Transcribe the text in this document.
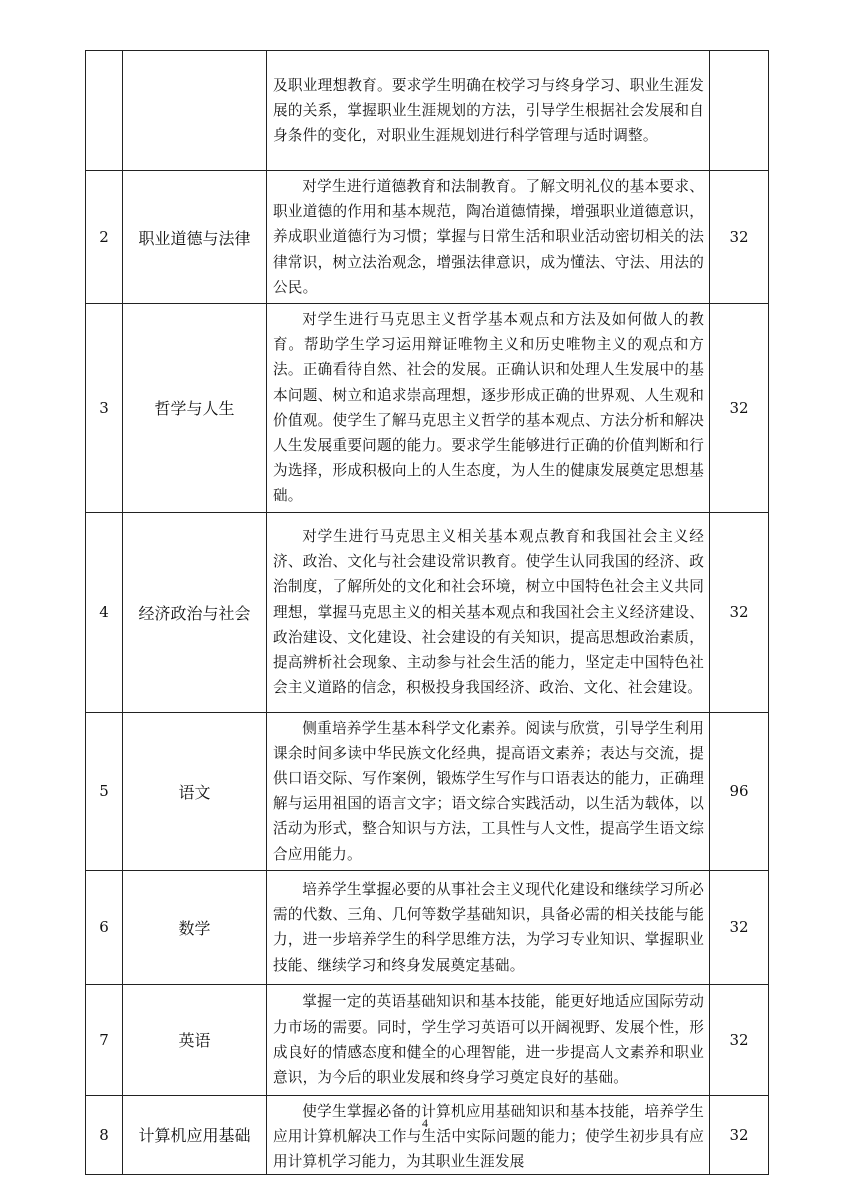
		及职业理想教育。要求学生明确在校学习与终身学习、职业生涯发展的关系，掌握职业生涯规划的方法，引导学生根据社会发展和自身条件的变化，对职业生涯规划进行科学管理与适时调整。	
2	职业道德与法律	对学生进行道德教育和法制教育。了解文明礼仪的基本要求、职业道德的作用和基本规范，陶冶道德情操，增强职业道德意识，养成职业道德行为习惯；掌握与日常生活和职业活动密切相关的法律常识，树立法治观念，增强法律意识，成为懂法、守法、用法的公民。	32
3	哲学与人生	对学生进行马克思主义哲学基本观点和方法及如何做人的教育。帮助学生学习运用辩证唯物主义和历史唯物主义的观点和方法。正确看待自然、社会的发展。正确认识和处理人生发展中的基本问题、树立和追求崇高理想，逐步形成正确的世界观、人生观和价值观。使学生了解马克思主义哲学的基本观点、方法分析和解决人生发展重要问题的能力。要求学生能够进行正确的价值判断和行为选择，形成积极向上的人生态度，为人生的健康发展奠定思想基础。	32
4	经济政治与社会	对学生进行马克思主义相关基本观点教育和我国社会主义经济、政治、文化与社会建设常识教育。使学生认同我国的经济、政治制度，了解所处的文化和社会环境，树立中国特色社会主义共同理想，掌握马克思主义的相关基本观点和我国社会主义经济建设、政治建设、文化建设、社会建设的有关知识，提高思想政治素质，提高辨析社会现象、主动参与社会生活的能力，坚定走中国特色社会主义道路的信念，积极投身我国经济、政治、文化、社会建设。	32
5	语文	侧重培养学生基本科学文化素养。阅读与欣赏，引导学生利用课余时间多读中华民族文化经典，提高语文素养；表达与交流，提供口语交际、写作案例，锻炼学生写作与口语表达的能力，正确理解与运用祖国的语言文字；语文综合实践活动，以生活为载体，以活动为形式，整合知识与方法，工具性与人文性，提高学生语文综合应用能力。	96
6	数学	培养学生掌握必要的从事社会主义现代化建设和继续学习所必需的代数、三角、几何等数学基础知识，具备必需的相关技能与能力，进一步培养学生的科学思维方法，为学习专业知识、掌握职业技能、继续学习和终身发展奠定基础。	32
7	英语	掌握一定的英语基础知识和基本技能，能更好地适应国际劳动力市场的需要。同时，学生学习英语可以开阔视野、发展个性，形成良好的情感态度和健全的心理智能，进一步提高人文素养和职业意识，为今后的职业发展和终身学习奠定良好的基础。	32
8	计算机应用基础	使学生掌握必备的计算机应用基础知识和基本技能，培养学生应用计算机解决工作与生活中实际问题的能力；使学生初步具有应用计算机学习能力，为其职业生涯发展	32
4
